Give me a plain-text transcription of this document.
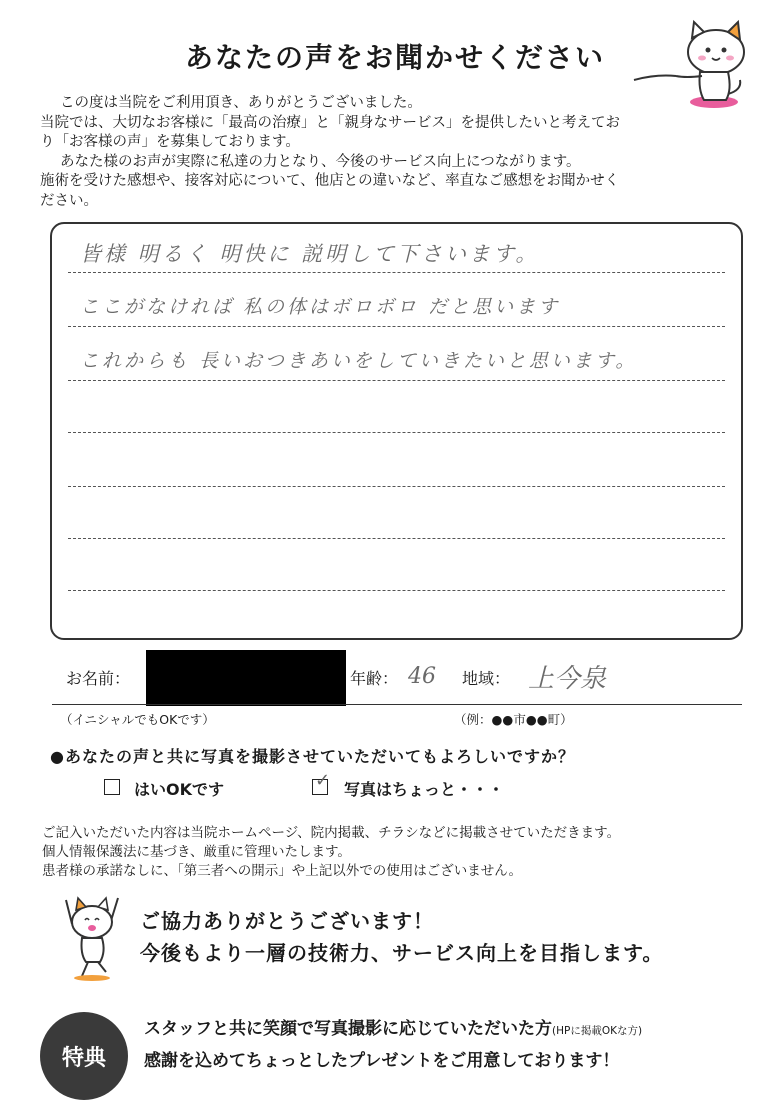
あなたの声をお聞かせください

この度は当院をご利用頂き、ありがとうございました。

当院では、大切なお客様に「最高の治療」と「親身なサービス」を提供したいと考えてお

り「お客様の声」を募集しております。

あなた様のお声が実際に私達の力となり、今後のサービス向上につながります。

施術を受けた感想や、接客対応について、他店との違いなど、率直なご感想をお聞かせく

ださい。

皆様 明るく 明快に 説明して下さいます。
ここがなければ 私の体はボロボロ だと思います
これからも 長いおつきあいをしていきたいと思います。
お名前：	年齢： 46 地域： 上今泉
（イニシャルでもOKです）	（例：●●市●●町）
●あなたの声と共に写真を撮影させていただいてもよろしいですか？
はいOKです	✓ 写真はちょっと・・・

ご記入いただいた内容は当院ホームページ、院内掲載、チラシなどに掲載させていただきます。

個人情報保護法に基づき、厳重に管理いたします。

患者様の承諾なしに、「第三者への開示」や上記以外での使用はございません。

ご協力ありがとうございます！
今後もより一層の技術力、サービス向上を目指します。
特典
スタッフと共に笑顔で写真撮影に応じていただいた方(HPに掲載OKな方)
感謝を込めてちょっとしたプレゼントをご用意しております！
